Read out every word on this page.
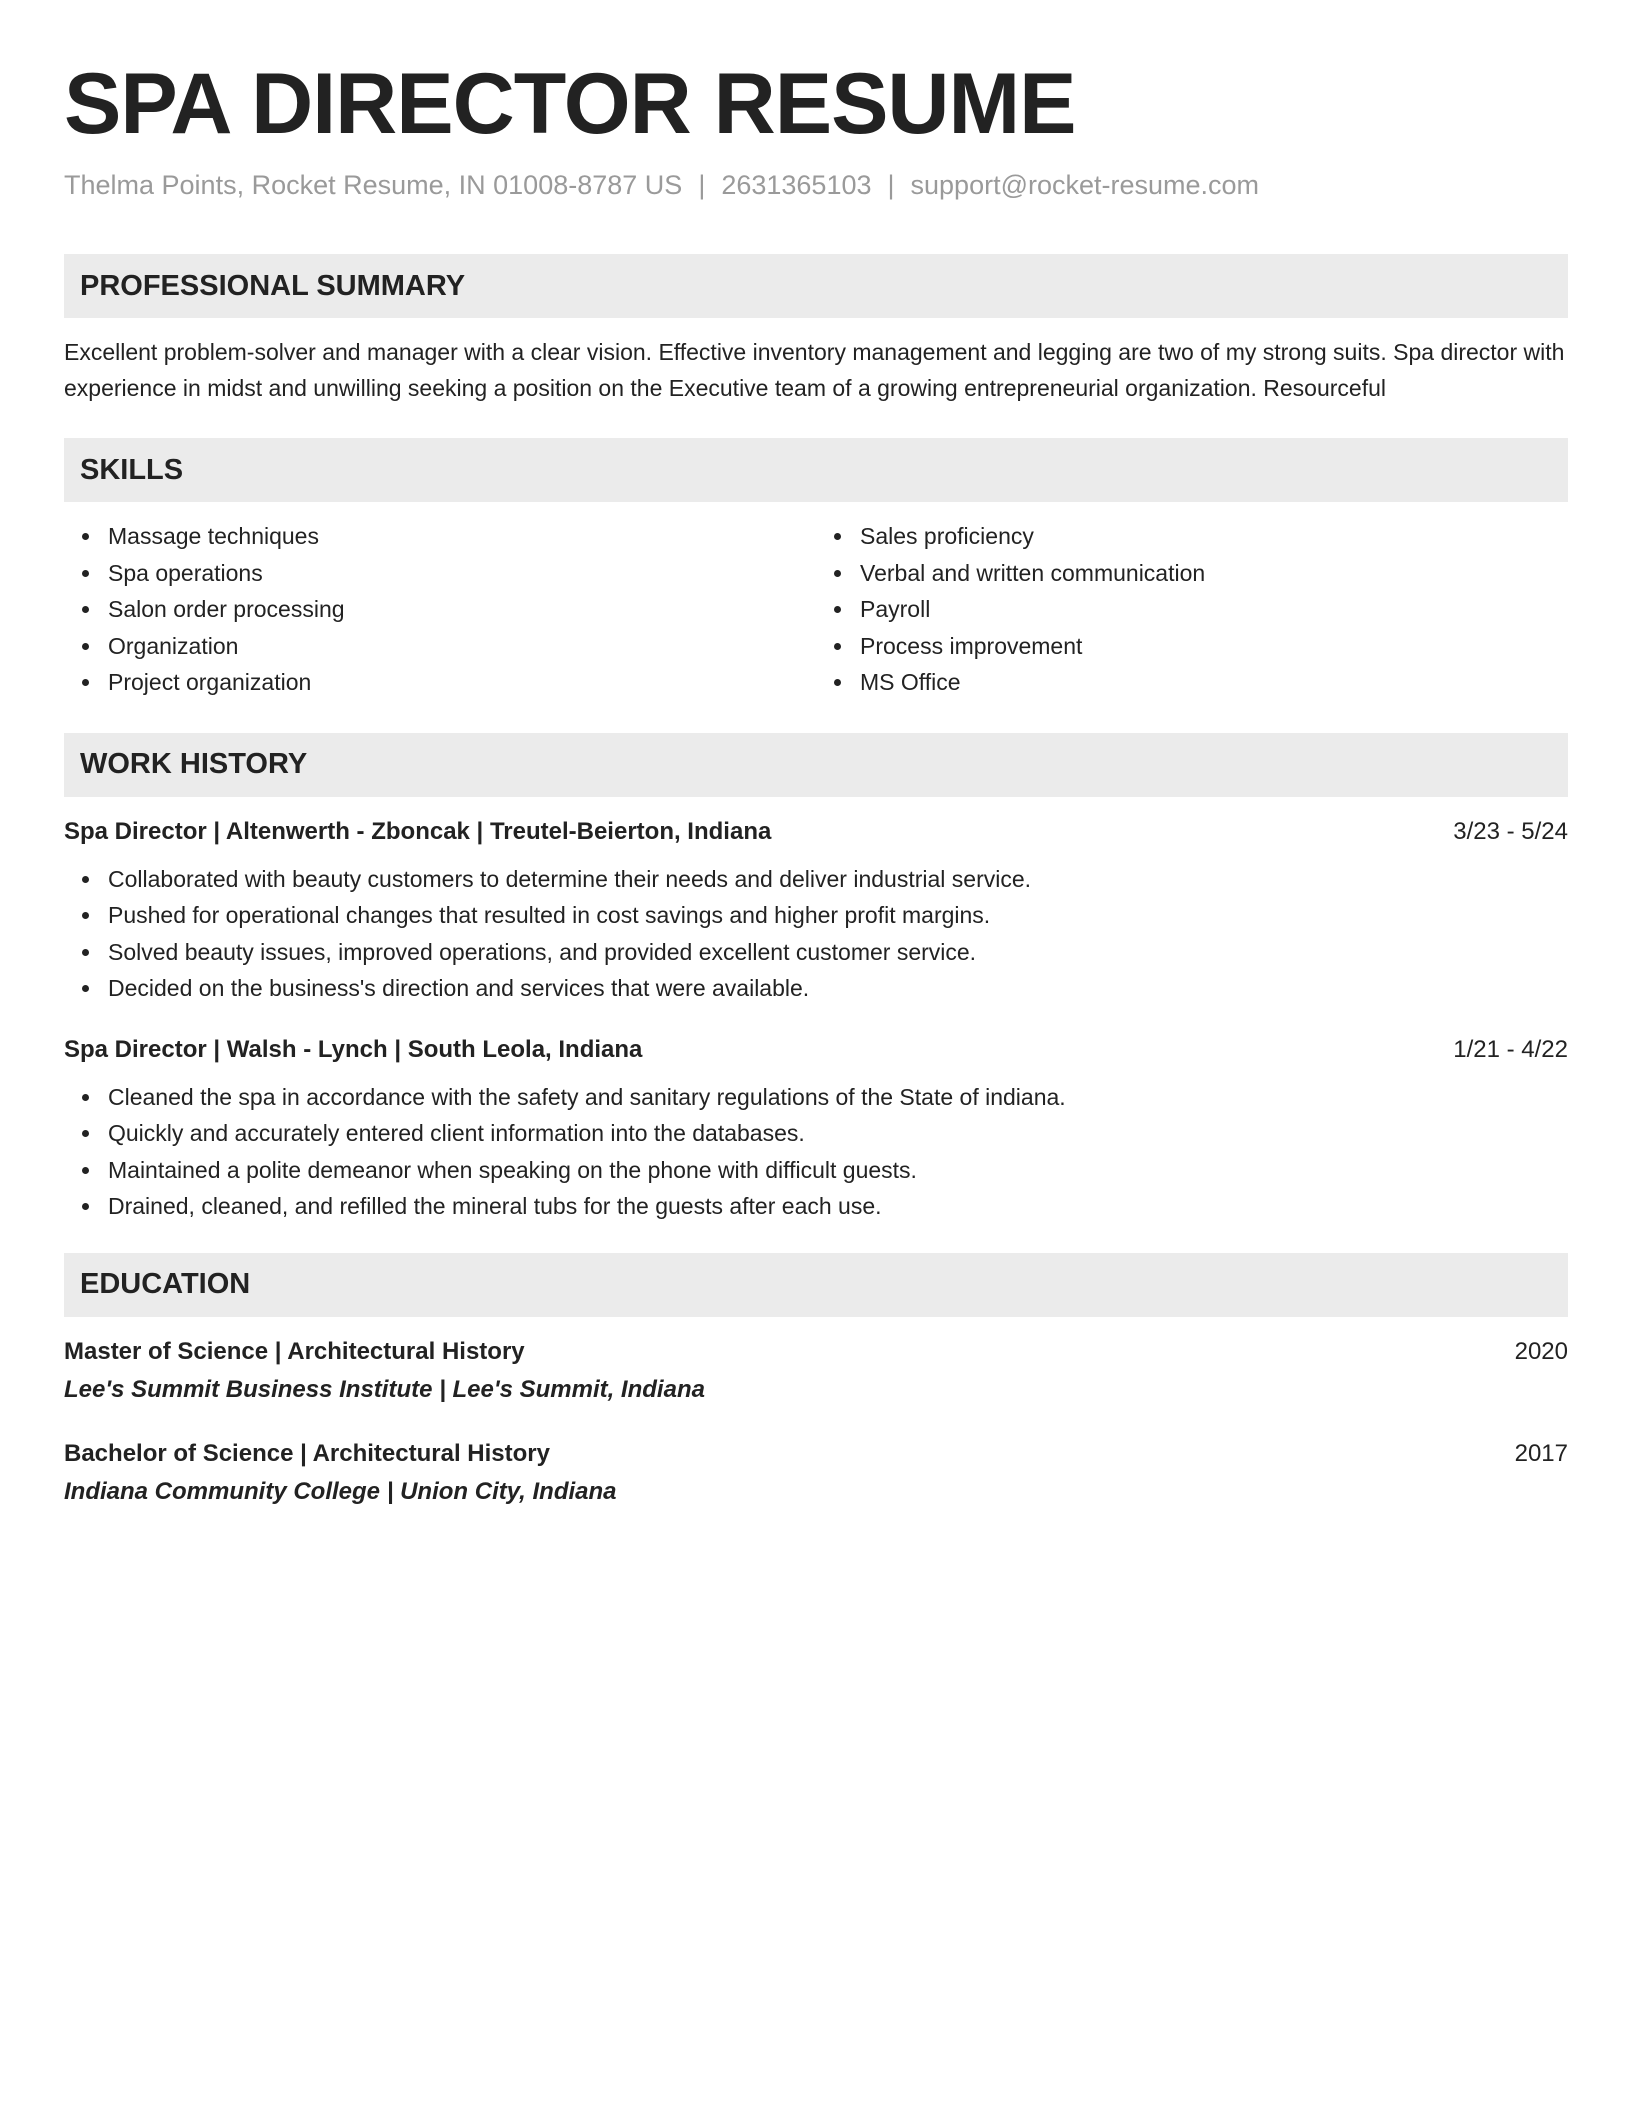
SPA DIRECTOR RESUME
Thelma Points, Rocket Resume, IN 01008-8787 US | 2631365103 | support@rocket-resume.com
PROFESSIONAL SUMMARY
Excellent problem-solver and manager with a clear vision. Effective inventory management and legging are two of my strong suits. Spa director with experience in midst and unwilling seeking a position on the Executive team of a growing entrepreneurial organization. Resourceful
SKILLS
Massage techniques
Spa operations
Salon order processing
Organization
Project organization
Sales proficiency
Verbal and written communication
Payroll
Process improvement
MS Office
WORK HISTORY
Spa Director | Altenwerth - Zboncak | Treutel-Beierton, Indiana	3/23 - 5/24
Collaborated with beauty customers to determine their needs and deliver industrial service.
Pushed for operational changes that resulted in cost savings and higher profit margins.
Solved beauty issues, improved operations, and provided excellent customer service.
Decided on the business's direction and services that were available.
Spa Director | Walsh - Lynch | South Leola, Indiana	1/21 - 4/22
Cleaned the spa in accordance with the safety and sanitary regulations of the State of indiana.
Quickly and accurately entered client information into the databases.
Maintained a polite demeanor when speaking on the phone with difficult guests.
Drained, cleaned, and refilled the mineral tubs for the guests after each use.
EDUCATION
Master of Science | Architectural History	2020
Lee's Summit Business Institute | Lee's Summit, Indiana
Bachelor of Science | Architectural History	2017
Indiana Community College | Union City, Indiana
